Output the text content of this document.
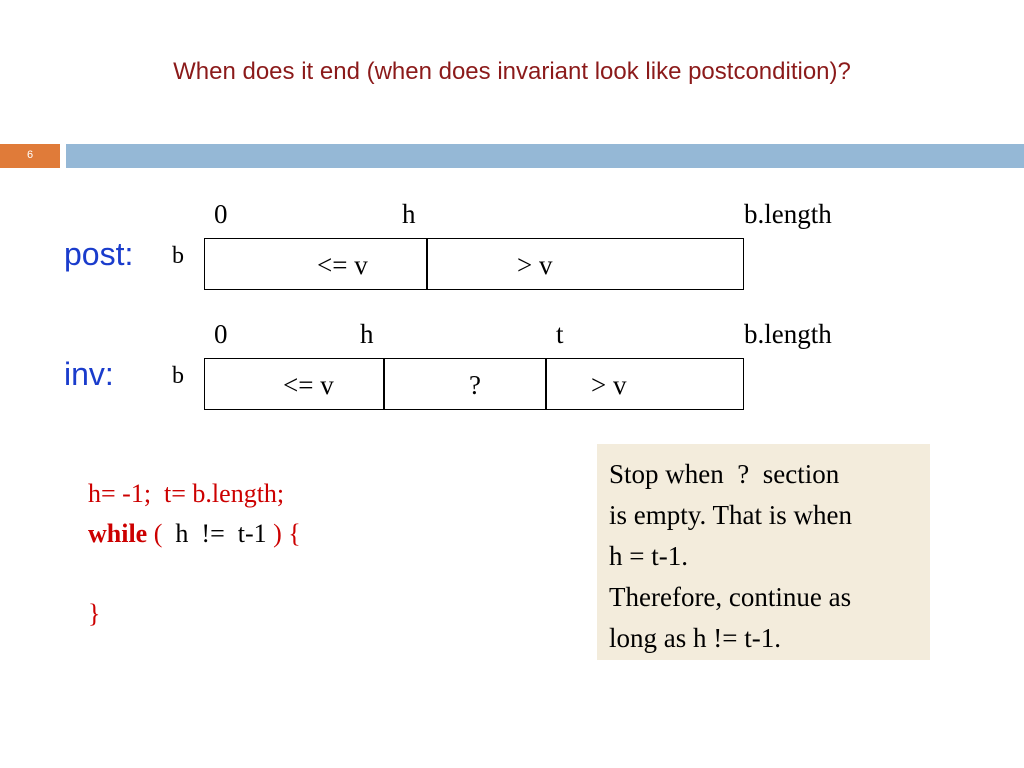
When does it end (when does invariant look like postcondition)?
6
post: b
0	h	b.length
<= v	> v
inv: b
0	h	t	b.length
<= v	?	> v
h= -1;  t= b.length;
while (  h  !=  t-1 ) {
}
Stop when  ?  section
is empty. That is when
h = t-1.
Therefore, continue as
long as h != t-1.
